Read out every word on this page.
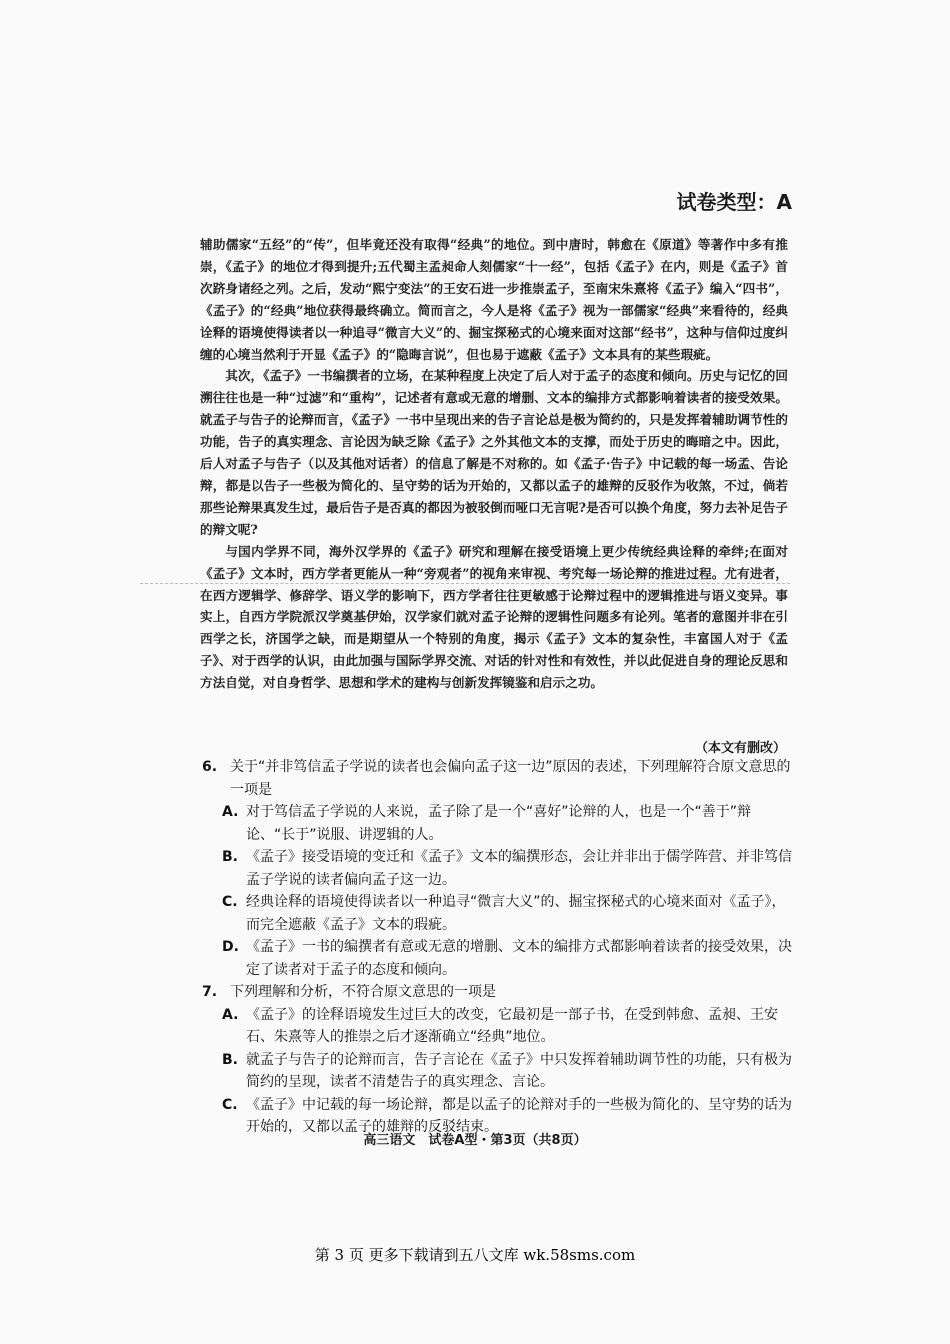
试卷类型：A

辅助儒家“五经”的“传”，但毕竟还没有取得“经典”的地位。到中唐时，韩愈在《原道》等著作中多有推崇，《孟子》的地位才得到提升;五代蜀主孟昶命人刻儒家“十一经”，包括《孟子》在内，则是《孟子》首次跻身诸经之列。之后，发动“熙宁变法”的王安石进一步推崇孟子，至南宋朱熹将《孟子》编入“四书”，《孟子》的“经典”地位获得最终确立。简而言之，今人是将《孟子》视为一部儒家“经典”来看待的，经典诠释的语境使得读者以一种追寻“微言大义”的、掘宝探秘式的心境来面对这部“经书”，这种与信仰过度纠缠的心境当然利于开显《孟子》的“隐晦言说”，但也易于遮蔽《孟子》文本具有的某些瑕疵。

其次，《孟子》一书编撰者的立场，在某种程度上决定了后人对于孟子的态度和倾向。历史与记忆的回溯往往也是一种“过滤”和“重构”，记述者有意或无意的增删、文本的编排方式都影响着读者的接受效果。就孟子与告子的论辩而言，《孟子》一书中呈现出来的告子言论总是极为简约的，只是发挥着辅助调节性的功能，告子的真实理念、言论因为缺乏除《孟子》之外其他文本的支撑，而处于历史的晦暗之中。因此，后人对孟子与告子（以及其他对话者）的信息了解是不对称的。如《孟子·告子》中记载的每一场孟、告论辩，都是以告子一些极为简化的、呈守势的话为开始的，又都以孟子的雄辩的反驳作为收煞，不过，倘若那些论辩果真发生过，最后告子是否真的都因为被驳倒而哑口无言呢?是否可以换个角度，努力去补足告子的辩文呢?

与国内学界不同，海外汉学界的《孟子》研究和理解在接受语境上更少传统经典诠释的牵绊;在面对《孟子》文本时，西方学者更能从一种“旁观者”的视角来审视、考究每一场论辩的推进过程。尤有进者，在西方逻辑学、修辞学、语义学的影响下，西方学者往往更敏感于论辩过程中的逻辑推进与语义变异。事实上，自西方学院派汉学奠基伊始，汉学家们就对孟子论辩的逻辑性问题多有论列。笔者的意图并非在引西学之长，济国学之缺，而是期望从一个特别的角度，揭示《孟子》文本的复杂性，丰富国人对于《孟子》、对于西学的认识，由此加强与国际学界交流、对话的针对性和有效性，并以此促进自身的理论反思和方法自觉，对自身哲学、思想和学术的建构与创新发挥镜鉴和启示之功。

（本文有删改）
6. 关于“并非笃信孟子学说的读者也会偏向孟子这一边”原因的表述，下列理解符合原文意思的一项是
A. 对于笃信孟子学说的人来说，孟子除了是一个“喜好”论辩的人，也是一个“善于”辩论、“长于”说服、讲逻辑的人。
B. 《孟子》接受语境的变迁和《孟子》文本的编撰形态，会让并非出于儒学阵营、并非笃信孟子学说的读者偏向孟子这一边。
C. 经典诠释的语境使得读者以一种追寻“微言大义”的、掘宝探秘式的心境来面对《孟子》，而完全遮蔽《孟子》文本的瑕疵。
D. 《孟子》一书的编撰者有意或无意的增删、文本的编排方式都影响着读者的接受效果，决定了读者对于孟子的态度和倾向。
7. 下列理解和分析，不符合原文意思的一项是
A. 《孟子》的诠释语境发生过巨大的改变，它最初是一部子书，在受到韩愈、孟昶、王安石、朱熹等人的推崇之后才逐渐确立“经典”地位。
B. 就孟子与告子的论辩而言，告子言论在《孟子》中只发挥着辅助调节性的功能，只有极为简约的呈现，读者不清楚告子的真实理念、言论。
C. 《孟子》中记载的每一场论辩，都是以孟子的论辩对手的一些极为简化的、呈守势的话为开始的，又都以孟子的雄辩的反驳结束。
高三语文　试卷A型・第3页（共8页）
第 3 页 更多下载请到五八文库 wk.58sms.com
